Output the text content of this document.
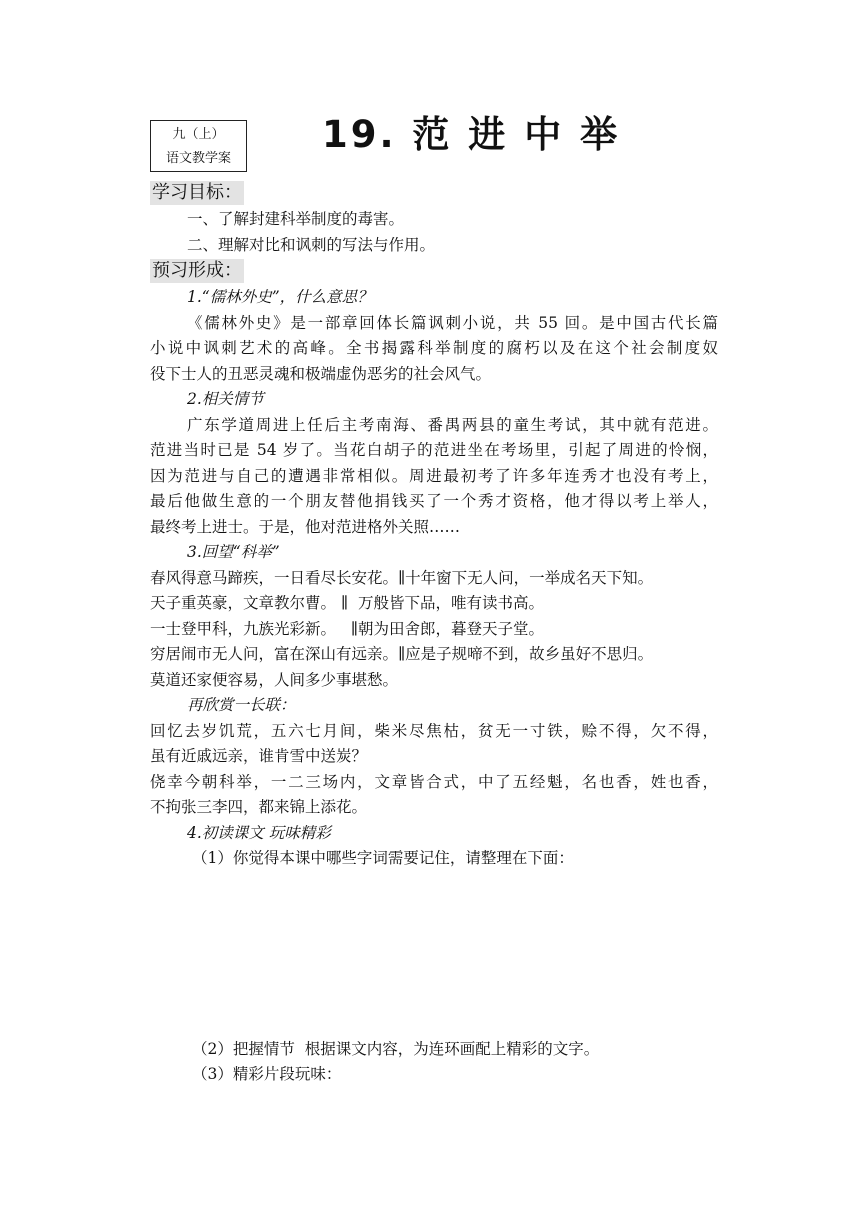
九（上）
语文教学案
19. 范 进 中 举
学习目标：
一、了解封建科举制度的毒害。
二、理解对比和讽刺的写法与作用。
预习形成：
1.“儒林外史”，什么意思？
《儒林外史》是一部章回体长篇讽刺小说，共 55 回。是中国古代长篇
小说中讽刺艺术的高峰。全书揭露科举制度的腐朽以及在这个社会制度奴
役下士人的丑恶灵魂和极端虚伪恶劣的社会风气。
2.相关情节
广东学道周进上任后主考南海、番禺两县的童生考试，其中就有范进。
范进当时已是 54 岁了。当花白胡子的范进坐在考场里，引起了周进的怜悯，
因为范进与自己的遭遇非常相似。周进最初考了许多年连秀才也没有考上，
最后他做生意的一个朋友替他捐钱买了一个秀才资格，他才得以考上举人，
最终考上进士。于是，他对范进格外关照……
3.回望“科举”
春风得意马蹄疾，一日看尽长安花。∥十年窗下无人问，一举成名天下知。
天子重英豪，文章教尔曹。 ∥  万般皆下品，唯有读书高。
一士登甲科，九族光彩新。   ∥朝为田舍郎，暮登天子堂。
穷居闹市无人问，富在深山有远亲。∥应是子规啼不到，故乡虽好不思归。
莫道还家便容易，人间多少事堪愁。
再欣赏一长联：
回忆去岁饥荒，五六七月间，柴米尽焦枯，贫无一寸铁，赊不得，欠不得，
虽有近戚远亲，谁肯雪中送炭？
侥幸今朝科举，一二三场内，文章皆合式，中了五经魁，名也香，姓也香，
不拘张三李四，都来锦上添花。
4.初读课文 玩味精彩
（1）你觉得本课中哪些字词需要记住，请整理在下面：
（2）把握情节  根据课文内容，为连环画配上精彩的文字。
（3）精彩片段玩味：
